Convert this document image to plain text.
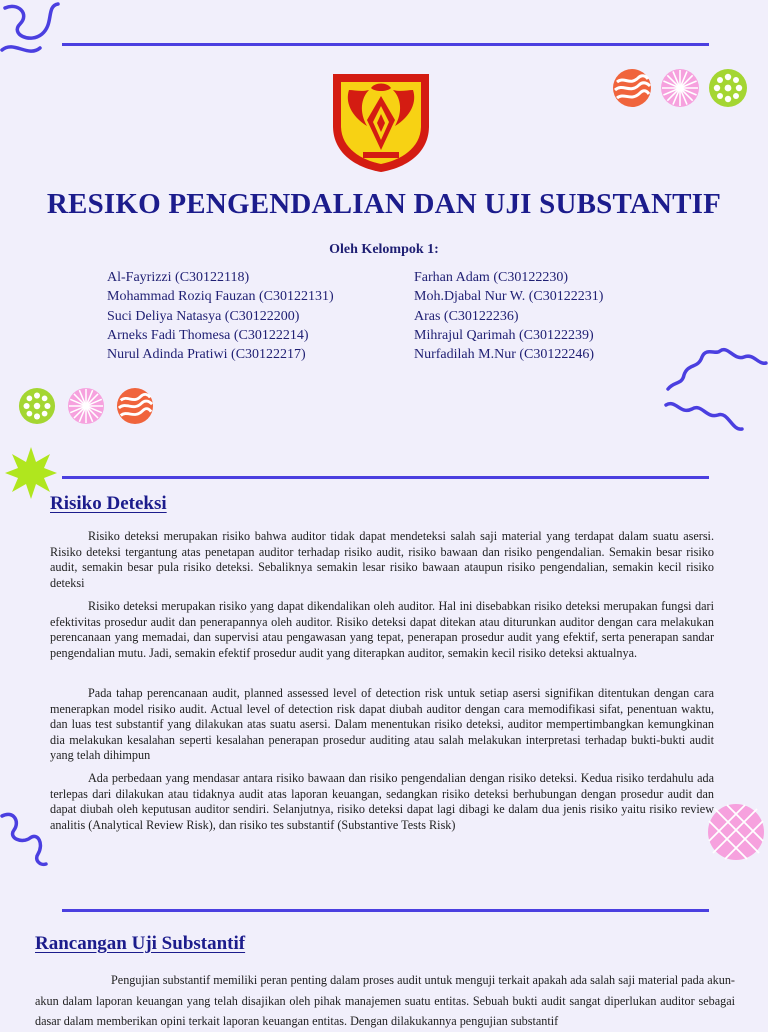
RESIKO PENGENDALIAN DAN UJI SUBSTANTIF
Oleh Kelompok 1:
Al-Fayrizzi (C30122118)
Mohammad Roziq Fauzan (C30122131)
Suci Deliya Natasya (C30122200)
Arneks Fadi Thomesa (C30122214)
Nurul Adinda Pratiwi (C30122217)
Farhan Adam (C30122230)
Moh.Djabal Nur W. (C30122231)
Aras (C30122236)
Mihrajul Qarimah (C30122239)
Nurfadilah M.Nur (C30122246)
Risiko Deteksi
Risiko deteksi merupakan risiko bahwa auditor tidak dapat mendeteksi salah saji material yang terdapat dalam suatu asersi. Risiko deteksi tergantung atas penetapan auditor terhadap risiko audit, risiko bawaan dan risiko pengendalian. Semakin besar risiko audit, semakin besar pula risiko deteksi. Sebaliknya semakin lesar risiko bawaan ataupun risiko pengendalian, semakin kecil risiko deteksi
Risiko deteksi merupakan risiko yang dapat dikendalikan oleh auditor. Hal ini disebabkan risiko deteksi merupakan fungsi dari efektivitas prosedur audit dan penerapannya oleh auditor. Risiko deteksi dapat ditekan atau diturunkan auditor dengan cara melakukan perencanaan yang memadai, dan supervisi atau pengawasan yang tepat, penerapan prosedur audit yang efektif, serta penerapan sandar pengendalian mutu. Jadi, semakin efektif prosedur audit yang diterapkan auditor, semakin kecil risiko deteksi aktualnya.
Pada tahap perencanaan audit, planned assessed level of detection risk untuk setiap asersi signifikan ditentukan dengan cara menerapkan model risiko audit. Actual level of detection risk dapat diubah auditor dengan cara memodifikasi sifat, penentuan waktu, dan luas test substantif yang dilakukan atas suatu asersi. Dalam menentukan risiko deteksi, auditor mempertimbangkan kemungkinan dia melakukan kesalahan seperti kesalahan penerapan prosedur auditing atau salah melakukan interpretasi terhadap bukti-bukti audit yang telah dihimpun
Ada perbedaan yang mendasar antara risiko bawaan dan risiko pengendalian dengan risiko deteksi. Kedua risiko terdahulu ada terlepas dari dilakukan atau tidaknya audit atas laporan keuangan, sedangkan risiko deteksi berhubungan dengan prosedur audit dan dapat diubah oleh keputusan auditor sendiri. Selanjutnya, risiko deteksi dapat lagi dibagi ke dalam dua jenis risiko yaitu risiko review analitis (Analytical Review Risk), dan risiko tes substantif (Substantive Tests Risk)
Rancangan Uji Substantif
Pengujian substantif memiliki peran penting dalam proses audit untuk menguji terkait apakah ada salah saji material pada akun-akun dalam laporan keuangan yang telah disajikan oleh pihak manajemen suatu entitas. Sebuah bukti audit sangat diperlukan auditor sebagai dasar dalam memberikan opini terkait laporan keuangan entitas. Dengan dilakukannya pengujian substantif
